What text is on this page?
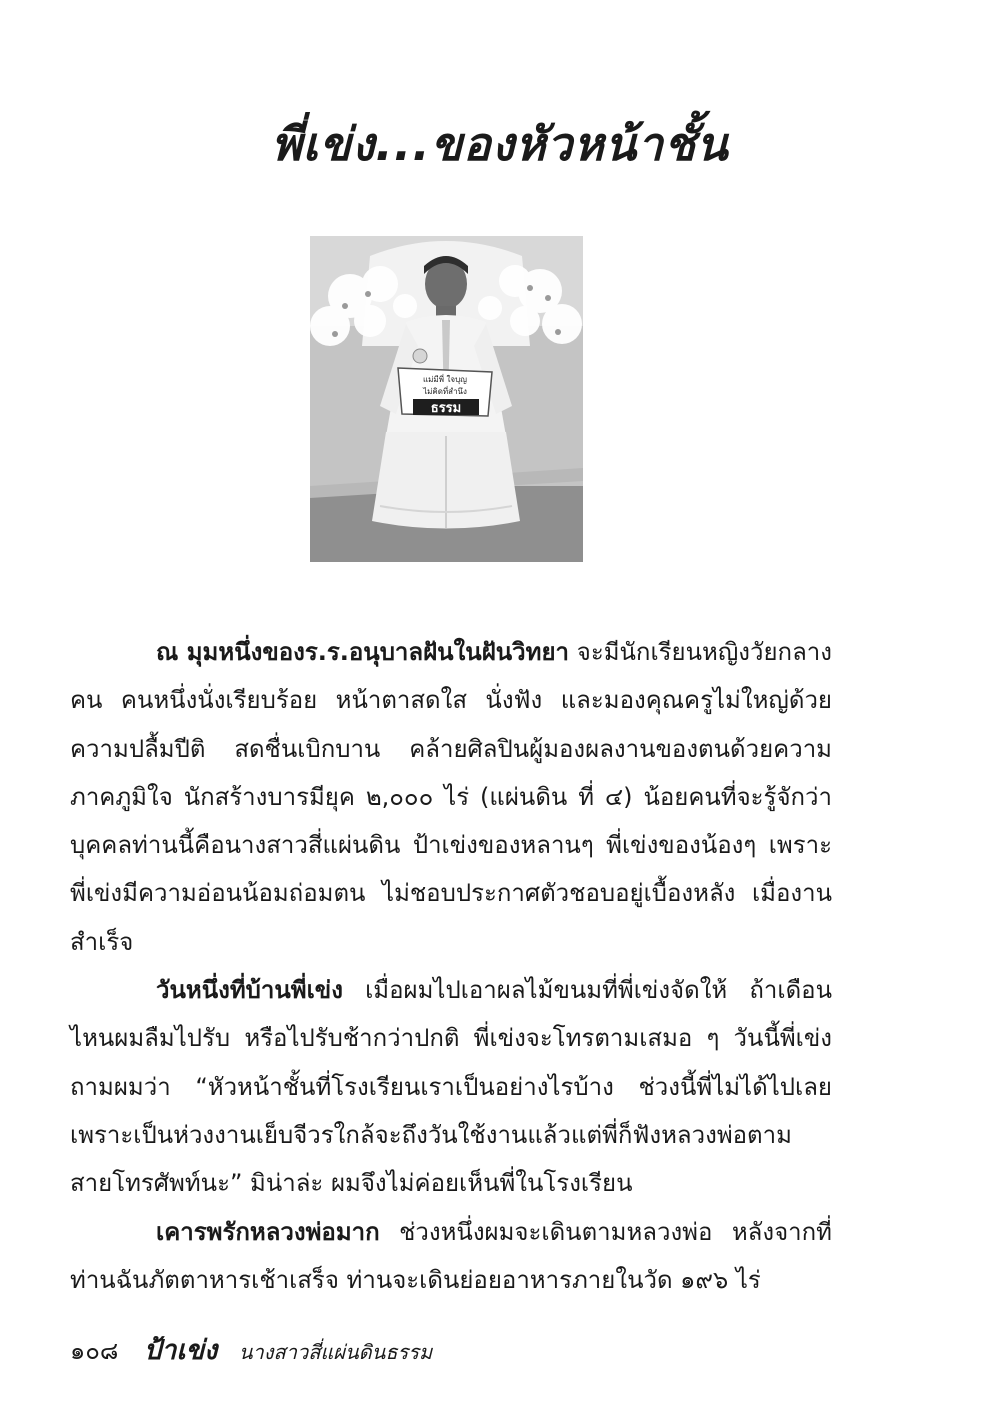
พี่เข่ง...ของหัวหน้าชั้น
แม่มีพี่ ใจบุญ
ไม่คิดที่สำนึง
ธรรม

ณ มุมหนึ่งของร.ร.อนุบาลฝันในฝันวิทยา จะมีนักเรียนหญิงวัยกลางคน คนหนึ่งนั่งเรียบร้อย หน้าตาสดใส นั่งฟัง และมองคุณครูไม่ใหญ่ด้วยความปลื้มปีติ สดชื่นเบิกบาน คล้ายศิลปินผู้มองผลงานของตนด้วยความภาคภูมิใจ นักสร้างบารมียุค ๒,๐๐๐ ไร่ (แผ่นดิน ที่ ๔) น้อยคนที่จะรู้จักว่าบุคคลท่านนี้คือนางสาวสี่แผ่นดิน ป้าเข่งของหลานๆ พี่เข่งของน้องๆ เพราะพี่เข่งมีความอ่อนน้อมถ่อมตน ไม่ชอบประกาศตัวชอบอยู่เบื้องหลัง เมื่องานสำเร็จ

วันหนึ่งที่บ้านพี่เข่ง เมื่อผมไปเอาผลไม้ขนมที่พี่เข่งจัดให้ ถ้าเดือนไหนผมลืมไปรับ หรือไปรับช้ากว่าปกติ พี่เข่งจะโทรตามเสมอ ๆ วันนี้พี่เข่งถามผมว่า “หัวหน้าชั้นที่โรงเรียนเราเป็นอย่างไรบ้าง ช่วงนี้พี่ไม่ได้ไปเลยเพราะเป็นห่วงงานเย็บจีวรใกล้จะถึงวันใช้งานแล้วแต่พี่ก็ฟังหลวงพ่อตามสายโทรศัพท์นะ” มิน่าล่ะ ผมจึงไม่ค่อยเห็นพี่ในโรงเรียน

เคารพรักหลวงพ่อมาก ช่วงหนึ่งผมจะเดินตามหลวงพ่อ หลังจากที่ท่านฉันภัตตาหารเช้าเสร็จ ท่านจะเดินย่อยอาหารภายในวัด ๑๙๖ ไร่

๑๐๘ ป้าเข่ง นางสาวสี่แผ่นดินธรรม
